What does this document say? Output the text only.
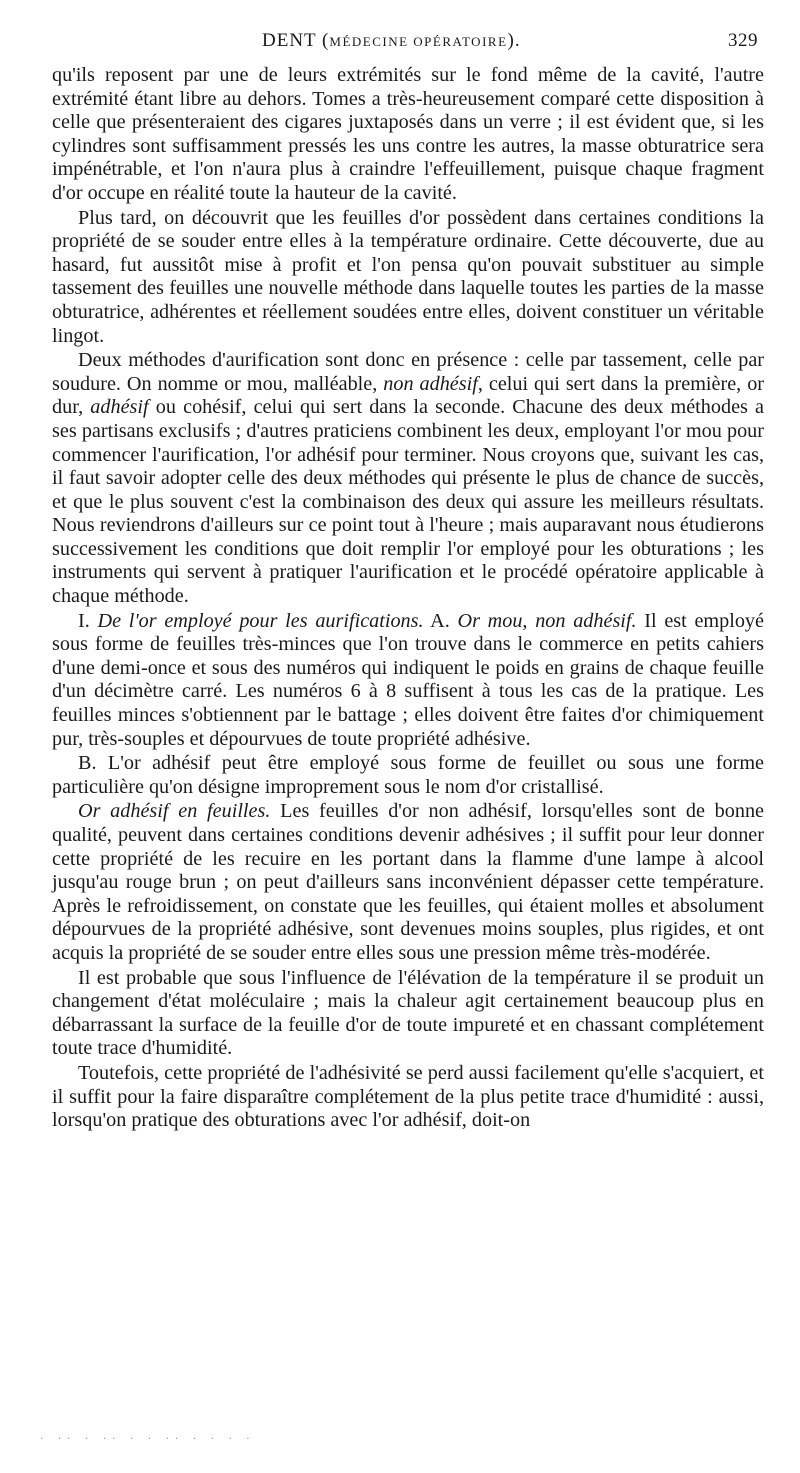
DENT (MÉDECINE OPÉRATOIRE).	329

qu'ils reposent par une de leurs extrémités sur le fond même de la cavité, l'autre extrémité étant libre au dehors. Tomes a très-heureusement comparé cette disposition à celle que présenteraient des cigares juxtaposés dans un verre ; il est évident que, si les cylindres sont suffisamment pressés les uns contre les autres, la masse obturatrice sera impénétrable, et l'on n'aura plus à craindre l'effeuillement, puisque chaque fragment d'or occupe en réalité toute la hauteur de la cavité.

Plus tard, on découvrit que les feuilles d'or possèdent dans certaines conditions la propriété de se souder entre elles à la température ordinaire. Cette découverte, due au hasard, fut aussitôt mise à profit et l'on pensa qu'on pouvait substituer au simple tassement des feuilles une nouvelle méthode dans laquelle toutes les parties de la masse obturatrice, adhérentes et réellement soudées entre elles, doivent constituer un véritable lingot.

Deux méthodes d'aurification sont donc en présence : celle par tassement, celle par soudure. On nomme or mou, malléable, non adhésif, celui qui sert dans la première, or dur, adhésif ou cohésif, celui qui sert dans la seconde. Chacune des deux méthodes a ses partisans exclusifs ; d'autres praticiens combinent les deux, employant l'or mou pour commencer l'aurification, l'or adhésif pour terminer. Nous croyons que, suivant les cas, il faut savoir adopter celle des deux méthodes qui présente le plus de chance de succès, et que le plus souvent c'est la combinaison des deux qui assure les meilleurs résultats. Nous reviendrons d'ailleurs sur ce point tout à l'heure ; mais auparavant nous étudierons successivement les conditions que doit remplir l'or employé pour les obturations ; les instruments qui servent à pratiquer l'aurification et le procédé opératoire applicable à chaque méthode.

I. De l'or employé pour les aurifications. A. Or mou, non adhésif. Il est employé sous forme de feuilles très-minces que l'on trouve dans le commerce en petits cahiers d'une demi-once et sous des numéros qui indiquent le poids en grains de chaque feuille d'un décimètre carré. Les numéros 6 à 8 suffisent à tous les cas de la pratique. Les feuilles minces s'obtiennent par le battage ; elles doivent être faites d'or chimiquement pur, très-souples et dépourvues de toute propriété adhésive.

B. L'or adhésif peut être employé sous forme de feuillet ou sous une forme particulière qu'on désigne improprement sous le nom d'or cristallisé.

Or adhésif en feuilles. Les feuilles d'or non adhésif, lorsqu'elles sont de bonne qualité, peuvent dans certaines conditions devenir adhésives ; il suffit pour leur donner cette propriété de les recuire en les portant dans la flamme d'une lampe à alcool jusqu'au rouge brun ; on peut d'ailleurs sans inconvénient dépasser cette température. Après le refroidissement, on constate que les feuilles, qui étaient molles et absolument dépourvues de la propriété adhésive, sont devenues moins souples, plus rigides, et ont acquis la propriété de se souder entre elles sous une pression même très-modérée.

Il est probable que sous l'influence de l'élévation de la température il se produit un changement d'état moléculaire ; mais la chaleur agit certainement beaucoup plus en débarrassant la surface de la feuille d'or de toute impureté et en chassant complétement toute trace d'humidité.

Toutefois, cette propriété de l'adhésivité se perd aussi facilement qu'elle s'acquiert, et il suffit pour la faire disparaître complétement de la plus petite trace d'humidité : aussi, lorsqu'on pratique des obturations avec l'or adhésif, doit-on

· ·· · ·· · · ·· · · · ·
